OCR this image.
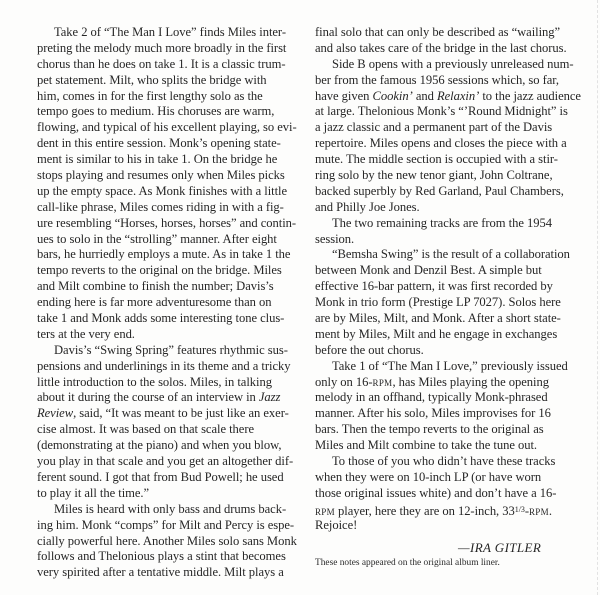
Take 2 of “The Man I Love” finds Miles inter-
preting the melody much more broadly in the first
chorus than he does on take 1. It is a classic trum-
pet statement. Milt, who splits the bridge with
him, comes in for the first lengthy solo as the
tempo goes to medium. His choruses are warm,
flowing, and typical of his excellent playing, so evi-
dent in this entire session. Monk’s opening state-
ment is similar to his in take 1. On the bridge he
stops playing and resumes only when Miles picks
up the empty space. As Monk finishes with a little
call-like phrase, Miles comes riding in with a fig-
ure resembling “Horses, horses, horses” and contin-
ues to solo in the “strolling” manner. After eight
bars, he hurriedly employs a mute. As in take 1 the
tempo reverts to the original on the bridge. Miles
and Milt combine to finish the number; Davis’s
ending here is far more adventuresome than on
take 1 and Monk adds some interesting tone clus-
ters at the very end.
Davis’s “Swing Spring” features rhythmic sus-
pensions and underlinings in its theme and a tricky
little introduction to the solos. Miles, in talking
about it during the course of an interview in Jazz
Review, said, “It was meant to be just like an exer-
cise almost. It was based on that scale there
(demonstrating at the piano) and when you blow,
you play in that scale and you get an altogether dif-
ferent sound. I got that from Bud Powell; he used
to play it all the time.”
Miles is heard with only bass and drums back-
ing him. Monk “comps” for Milt and Percy is espe-
cially powerful here. Another Miles solo sans Monk
follows and Thelonious plays a stint that becomes
very spirited after a tentative middle. Milt plays a
final solo that can only be described as “wailing”
and also takes care of the bridge in the last chorus.
Side B opens with a previously unreleased num-
ber from the famous 1956 sessions which, so far,
have given Cookin’ and Relaxin’ to the jazz audience
at large. Thelonious Monk’s “’Round Midnight” is
a jazz classic and a permanent part of the Davis
repertoire. Miles opens and closes the piece with a
mute. The middle section is occupied with a stir-
ring solo by the new tenor giant, John Coltrane,
backed superbly by Red Garland, Paul Chambers,
and Philly Joe Jones.
The two remaining tracks are from the 1954
session.
“Bemsha Swing” is the result of a collaboration
between Monk and Denzil Best. A simple but
effective 16-bar pattern, it was first recorded by
Monk in trio form (Prestige LP 7027). Solos here
are by Miles, Milt, and Monk. After a short state-
ment by Miles, Milt and he engage in exchanges
before the out chorus.
Take 1 of “The Man I Love,” previously issued
only on 16-RPM, has Miles playing the opening
melody in an offhand, typically Monk-phrased
manner. After his solo, Miles improvises for 16
bars. Then the tempo reverts to the original as
Miles and Milt combine to take the tune out.
To those of you who didn’t have these tracks
when they were on 10-inch LP (or have worn
those original issues white) and don’t have a 16-
RPM player, here they are on 12-inch, $33^{1/3}$-RPM.
Rejoice!
—IRA GITLER
These notes appeared on the original album liner.
